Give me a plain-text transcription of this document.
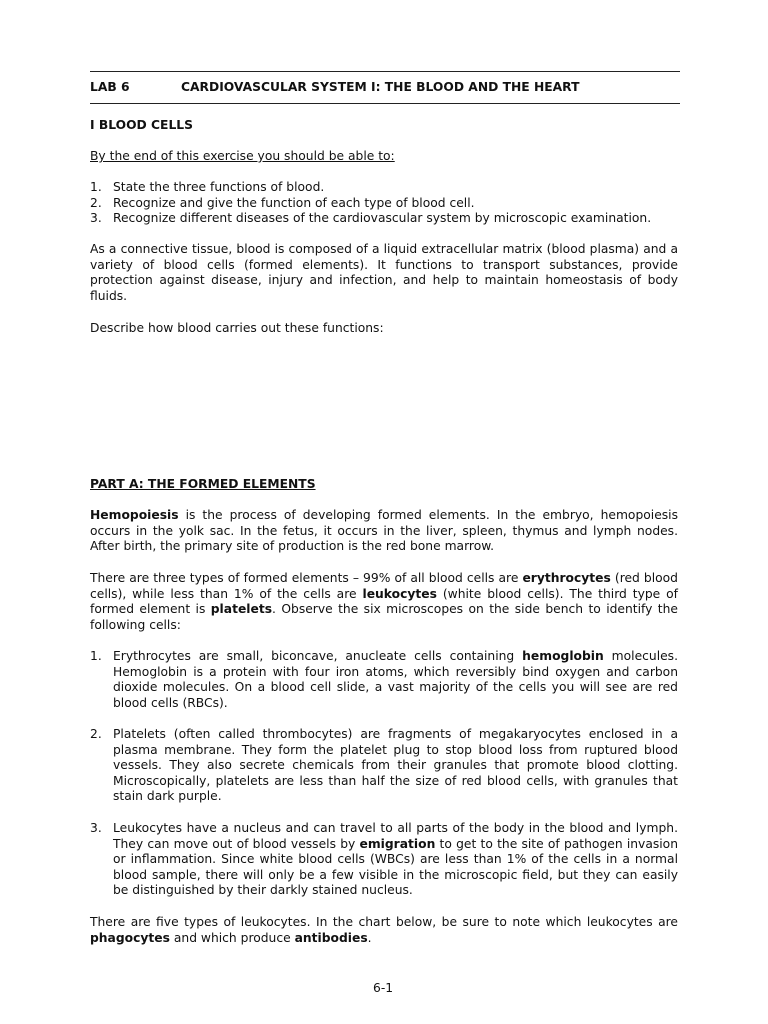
LAB 6	CARDIOVASCULAR SYSTEM I: THE BLOOD AND THE HEART
I BLOOD CELLS
By the end of this exercise you should be able to:
1. State the three functions of blood.
2. Recognize and give the function of each type of blood cell.
3. Recognize different diseases of the cardiovascular system by microscopic examination.
As a connective tissue, blood is composed of a liquid extracellular matrix (blood plasma) and a variety of blood cells (formed elements). It functions to transport substances, provide protection against disease, injury and infection, and help to maintain homeostasis of body fluids.
Describe how blood carries out these functions:
PART A: THE FORMED ELEMENTS
Hemopoiesis is the process of developing formed elements. In the embryo, hemopoiesis occurs in the yolk sac. In the fetus, it occurs in the liver, spleen, thymus and lymph nodes. After birth, the primary site of production is the red bone marrow.
There are three types of formed elements – 99% of all blood cells are erythrocytes (red blood cells), while less than 1% of the cells are leukocytes (white blood cells). The third type of formed element is platelets. Observe the six microscopes on the side bench to identify the following cells:
1. Erythrocytes are small, biconcave, anucleate cells containing hemoglobin molecules. Hemoglobin is a protein with four iron atoms, which reversibly bind oxygen and carbon dioxide molecules. On a blood cell slide, a vast majority of the cells you will see are red blood cells (RBCs).
2. Platelets (often called thrombocytes) are fragments of megakaryocytes enclosed in a plasma membrane. They form the platelet plug to stop blood loss from ruptured blood vessels. They also secrete chemicals from their granules that promote blood clotting. Microscopically, platelets are less than half the size of red blood cells, with granules that stain dark purple.
3. Leukocytes have a nucleus and can travel to all parts of the body in the blood and lymph. They can move out of blood vessels by emigration to get to the site of pathogen invasion or inflammation. Since white blood cells (WBCs) are less than 1% of the cells in a normal blood sample, there will only be a few visible in the microscopic field, but they can easily be distinguished by their darkly stained nucleus.
There are five types of leukocytes. In the chart below, be sure to note which leukocytes are phagocytes and which produce antibodies.
6-1
